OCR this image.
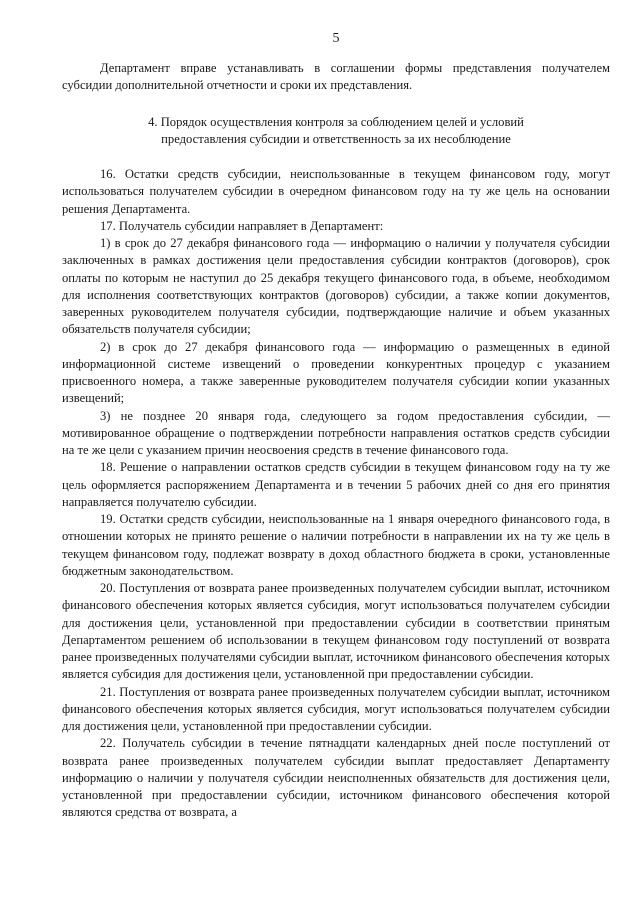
5

Департамент вправе устанавливать в соглашении формы представления получателем субсидии дополнительной отчетности и сроки их представления.

4. Порядок осуществления контроля за соблюдением целей и условий предоставления субсидии и ответственность за их несоблюдение

16. Остатки средств субсидии, неиспользованные в текущем финансовом году, могут использоваться получателем субсидии в очередном финансовом году на ту же цель на основании решения Департамента.

17. Получатель субсидии направляет в Департамент:

1) в срок до 27 декабря финансового года — информацию о наличии у получателя субсидии заключенных в рамках достижения цели предоставления субсидии контрактов (договоров), срок оплаты по которым не наступил до 25 декабря текущего финансового года, в объеме, необходимом для исполнения соответствующих контрактов (договоров) субсидии, а также копии документов, заверенных руководителем получателя субсидии, подтверждающие наличие и объем указанных обязательств получателя субсидии;

2) в срок до 27 декабря финансового года — информацию о размещенных в единой информационной системе извещений о проведении конкурентных процедур с указанием присвоенного номера, а также заверенные руководителем получателя субсидии копии указанных извещений;

3) не позднее 20 января года, следующего за годом предоставления субсидии, — мотивированное обращение о подтверждении потребности направления остатков средств субсидии на те же цели с указанием причин неосвоения средств в течение финансового года.

18. Решение о направлении остатков средств субсидии в текущем финансовом году на ту же цель оформляется распоряжением Департамента и в течении 5 рабочих дней со дня его принятия направляется получателю субсидии.

19. Остатки средств субсидии, неиспользованные на 1 января очередного финансового года, в отношении которых не принято решение о наличии потребности в направлении их на ту же цель в текущем финансовом году, подлежат возврату в доход областного бюджета в сроки, установленные бюджетным законодательством.

20. Поступления от возврата ранее произведенных получателем субсидии выплат, источником финансового обеспечения которых является субсидия, могут использоваться получателем субсидии для достижения цели, установленной при предоставлении субсидии в соответствии принятым Департаментом решением об использовании в текущем финансовом году поступлений от возврата ранее произведенных получателями субсидии выплат, источником финансового обеспечения которых является субсидия для достижения цели, установленной при предоставлении субсидии.

21. Поступления от возврата ранее произведенных получателем субсидии выплат, источником финансового обеспечения которых является субсидия, могут использоваться получателем субсидии для достижения цели, установленной при предоставлении субсидии.

22. Получатель субсидии в течение пятнадцати календарных дней после поступлений от возврата ранее произведенных получателем субсидии выплат предоставляет Департаменту информацию о наличии у получателя субсидии неисполненных обязательств для достижения цели, установленной при предоставлении субсидии, источником финансового обеспечения которой являются средства от возврата, а
